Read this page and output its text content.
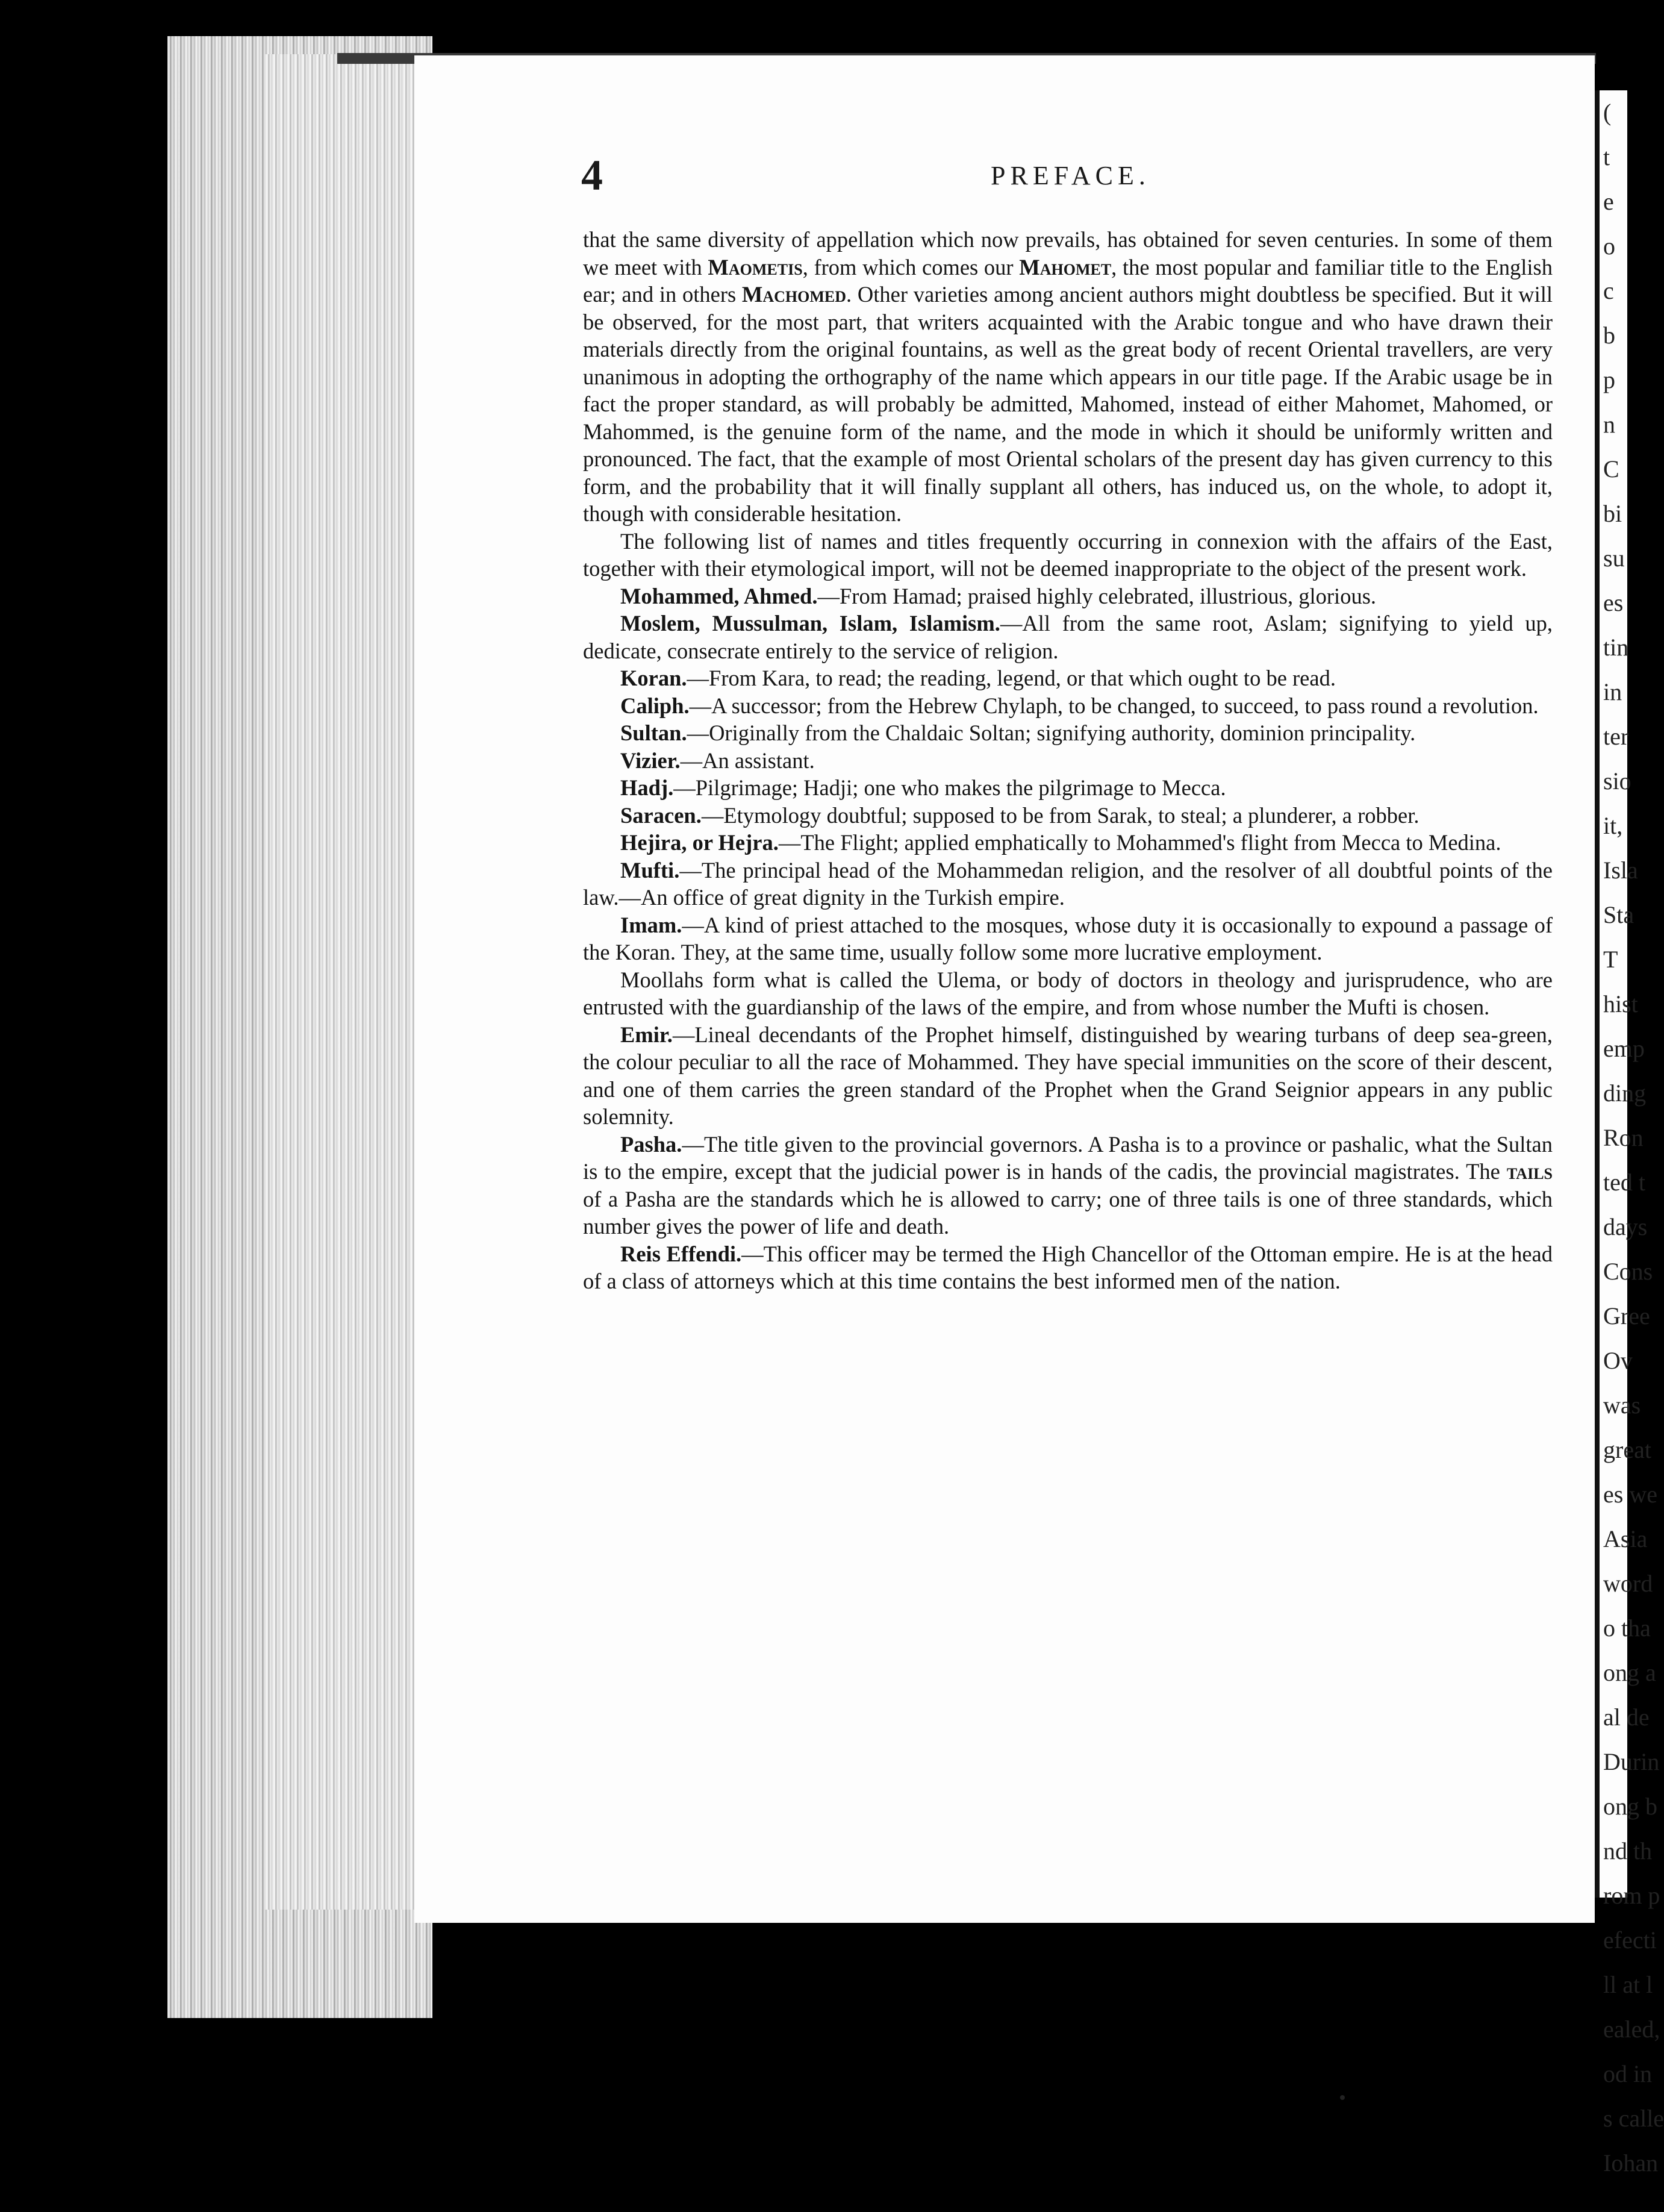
(
t
e
o
c
b
p
n
C
bi
su
es
tin
in
ter
sio
it,
Isla
Sta
T
hist
emp
ding
Ron
ted t
days
Cons
Gree
Ov
was
great
es we
Asia
word
o tha
ong a
al de
Durin
ong b
nd th
rom p
efecti
ll at l
ealed,
od in
s calle
Iohan
4	PREFACE.

that the same diversity of appellation which now prevails, has obtained for seven centuries. In some of them we meet with Maometis, from which comes our Mahomet, the most popular and familiar title to the English ear; and in others Machomed. Other varieties among ancient authors might doubtless be specified. But it will be observed, for the most part, that writers acquainted with the Arabic tongue and who have drawn their materials directly from the original fountains, as well as the great body of recent Oriental travellers, are very unanimous in adopting the orthography of the name which appears in our title page. If the Arabic usage be in fact the proper standard, as will probably be admitted, Mahomed, instead of either Mahomet, Mahomed, or Mahommed, is the genuine form of the name, and the mode in which it should be uniformly written and pronounced. The fact, that the example of most Oriental scholars of the present day has given currency to this form, and the probability that it will finally supplant all others, has induced us, on the whole, to adopt it, though with considerable hesitation.

The following list of names and titles frequently occurring in connexion with the affairs of the East, together with their etymological import, will not be deemed inappropriate to the object of the present work.

Mohammed, Ahmed.—From Hamad; praised highly celebrated, illustrious, glorious.

Moslem, Mussulman, Islam, Islamism.—All from the same root, Aslam; signifying to yield up, dedicate, consecrate entirely to the service of religion.

Koran.—From Kara, to read; the reading, legend, or that which ought to be read.

Caliph.—A successor; from the Hebrew Chylaph, to be changed, to succeed, to pass round a revolution.

Sultan.—Originally from the Chaldaic Soltan; signifying authority, dominion principality.

Vizier.—An assistant.

Hadj.—Pilgrimage; Hadji; one who makes the pilgrimage to Mecca.

Saracen.—Etymology doubtful; supposed to be from Sarak, to steal; a plunderer, a robber.

Hejira, or Hejra.—The Flight; applied emphatically to Mohammed's flight from Mecca to Medina.

Mufti.—The principal head of the Mohammedan religion, and the resolver of all doubtful points of the law.—An office of great dignity in the Turkish empire.

Imam.—A kind of priest attached to the mosques, whose duty it is occasionally to expound a passage of the Koran. They, at the same time, usually follow some more lucrative employment.

Moollahs form what is called the Ulema, or body of doctors in theology and jurisprudence, who are entrusted with the guardianship of the laws of the empire, and from whose number the Mufti is chosen.

Emir.—Lineal decendants of the Prophet himself, distinguished by wearing turbans of deep sea-green, the colour peculiar to all the race of Mohammed. They have special immunities on the score of their descent, and one of them carries the green standard of the Prophet when the Grand Seignior appears in any public solemnity.

Pasha.—The title given to the provincial governors. A Pasha is to a province or pashalic, what the Sultan is to the empire, except that the judicial power is in hands of the cadis, the provincial magistrates. The tails of a Pasha are the standards which he is allowed to carry; one of three tails is one of three standards, which number gives the power of life and death.

Reis Effendi.—This officer may be termed the High Chancellor of the Ottoman empire. He is at the head of a class of attorneys which at this time contains the best informed men of the nation.
